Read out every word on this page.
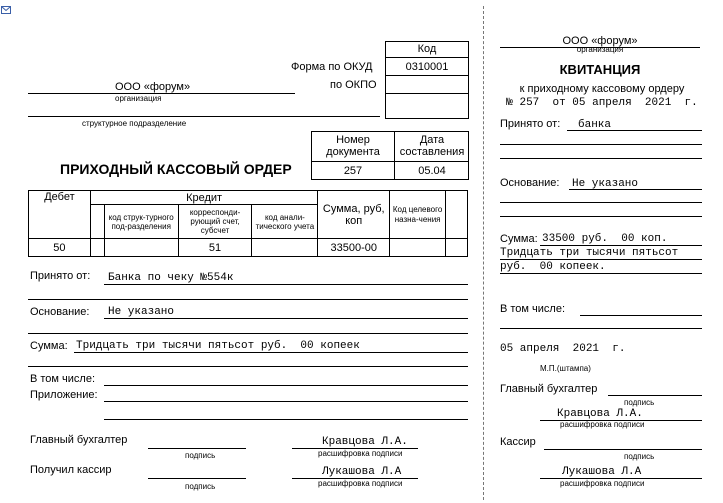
ООО «форум»
организация
структурное подразделение
Форма по ОКУД
по ОКПО
Код
0310001
Номер документа
Дата составления
257	05.04
ПРИХОДНЫЙ КАССОВЫЙ ОРДЕР
Дебет	Кредит				Сумма, руб, коп	Код целевого назна-чения	
		код струк-турного под-разделения	корреспонди-рующий счет, субсчет	код анали-тического учета			
50			51		33500-00		
Принято от: Банка по чеку №554к
Основание: Не указано
Сумма: Тридцать три тысячи пятьсот руб.  00 копеек
В том числе:
Приложение:
Главный бухгалтер
подпись
Кравцова Л.А.
расшифровка подписи
Получил кассир
подпись
Лукашова Л.А
расшифровка подписи
ООО «форум»
организация
КВИТАНЦИЯ
к приходному кассовому ордеру
№ 257  от 05 апреля  2021  г.
Принято от: банка
Основание: Не указано
Сумма: 33500 руб.  00 коп.
Тридцать три тысячи пятьсот
руб.  00 копеек.
В том числе:
05 апреля  2021  г.
М.П.(штампа)
Главный бухгалтер
подпись
Кравцова Л.А.
расшифровка подписи
Кассир
подпись
Лукашова Л.А
расшифровка подписи
